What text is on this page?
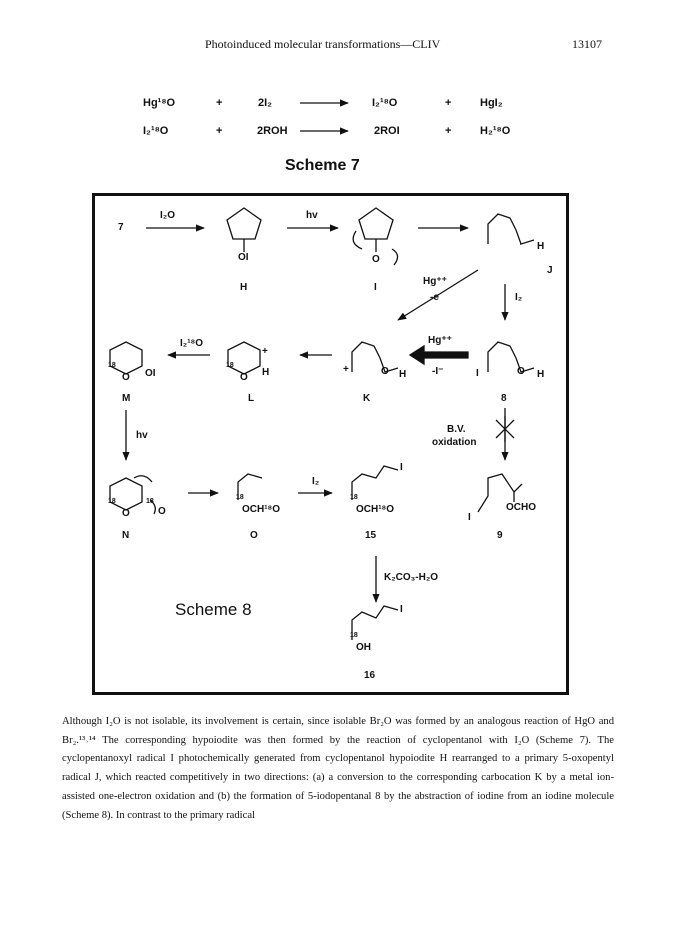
Photoinduced molecular transformations—CLIV	13107
Hg¹⁸O	+	2I₂	I₂¹⁸O	+	HgI₂
I₂¹⁸O	+	2ROH	2ROI	+	H₂¹⁸O
Scheme 7
I₂O	hv
Hg⁺⁺
-e	I₂
Hg⁺⁺
-I⁻
I₂¹⁸O
hv
B.V.
oxidation
I₂
K₂CO₃-H₂O
OI	O
H
I	O H
+	O H
+
H
O
18
O
18
OI
O
18	18
O	OCH¹⁸O
18
OCH¹⁸O
18
I
OCHO
I
I
OH
18
7
H	I
J
8
K
L
M
N	O	15	9
16
Scheme 8

Although I₂O is not isolable, its involvement is certain, since isolable Br₂O was formed by an analogous reaction of HgO and Br₂.¹³˒¹⁴ The corresponding hypoiodite was then formed by the reaction of cyclopentanol with I₂O (Scheme 7). The cyclopentanoxyl radical I photochemically generated from cyclopentanol hypoiodite H rearranged to a primary 5-oxopentyl radical J, which reacted competitively in two directions: (a) a conversion to the corresponding carbocation K by a metal ion-assisted one-electron oxidation and (b) the formation of 5-iodopentanal 8 by the abstraction of iodine from an iodine molecule (Scheme 8). In contrast to the primary radical
